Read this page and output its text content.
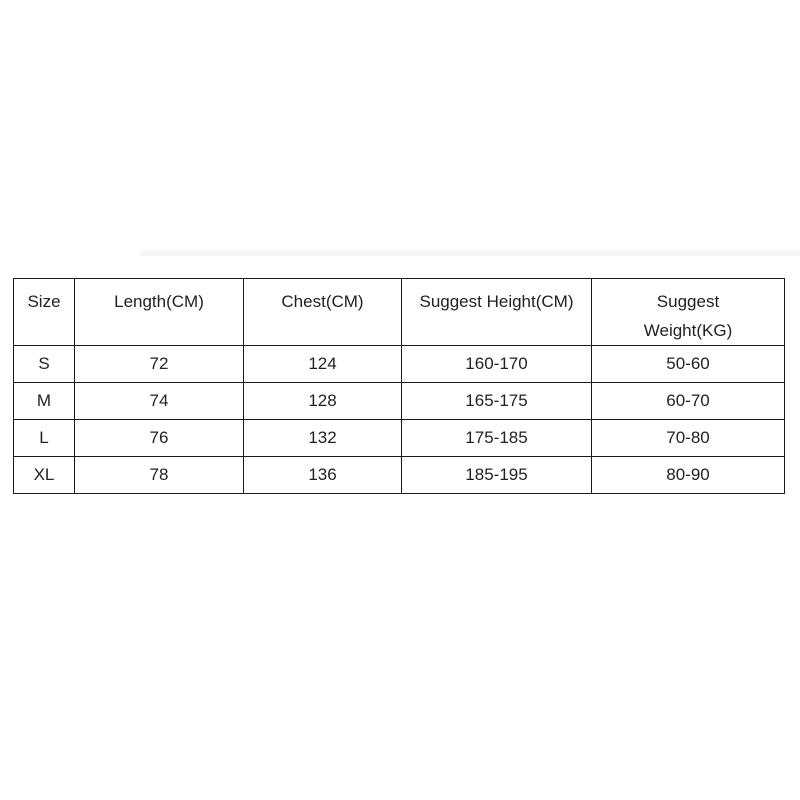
Size	Length(CM)	Chest(CM)	Suggest Height(CM)	Suggest
Weight(KG)
S	72	124	160-170	50-60
M	74	128	165-175	60-70
L	76	132	175-185	70-80
XL	78	136	185-195	80-90
